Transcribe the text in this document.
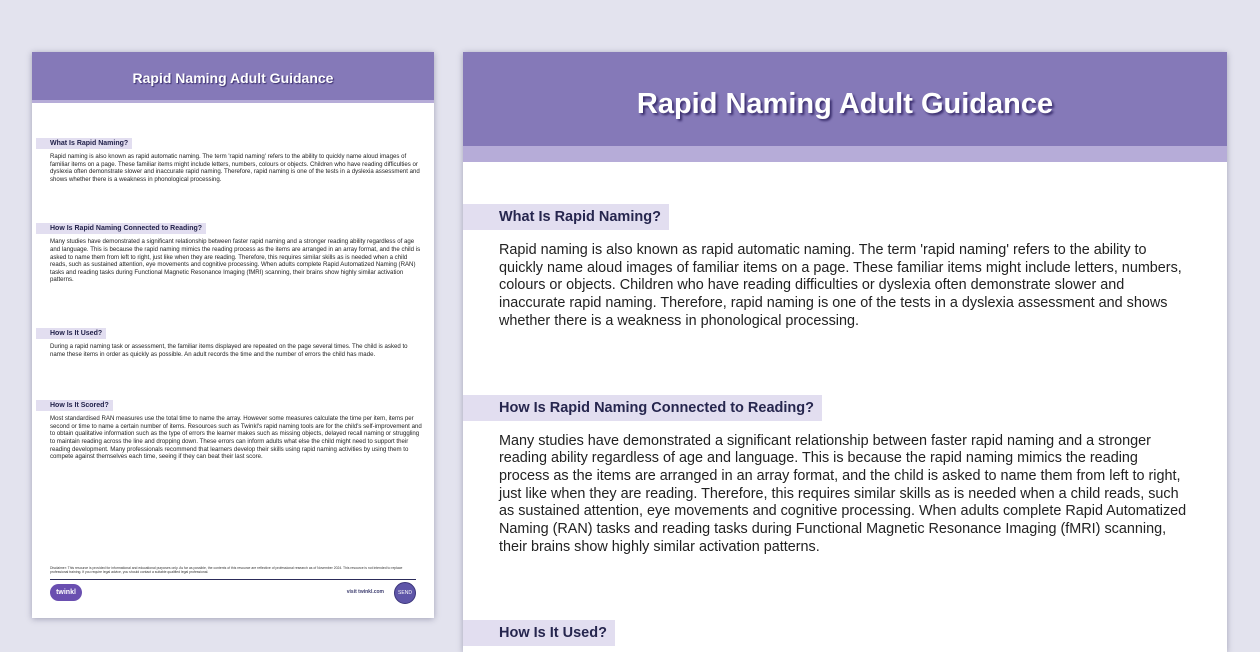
Rapid Naming Adult Guidance
What Is Rapid Naming?

Rapid naming is also known as rapid automatic naming. The term 'rapid naming' refers to the ability to quickly name aloud images of familiar items on a page. These familiar items might include letters, numbers, colours or objects. Children who have reading difficulties or dyslexia often demonstrate slower and inaccurate rapid naming. Therefore, rapid naming is one of the tests in a dyslexia assessment and shows whether there is a weakness in phonological processing.

How Is Rapid Naming Connected to Reading?

Many studies have demonstrated a significant relationship between faster rapid naming and a stronger reading ability regardless of age and language. This is because the rapid naming mimics the reading process as the items are arranged in an array format, and the child is asked to name them from left to right, just like when they are reading. Therefore, this requires similar skills as is needed when a child reads, such as sustained attention, eye movements and cognitive processing. When adults complete Rapid Automatized Naming (RAN) tasks and reading tasks during Functional Magnetic Resonance Imaging (fMRI) scanning, their brains show highly similar activation patterns.

How Is It Used?

During a rapid naming task or assessment, the familiar items displayed are repeated on the page several times. The child is asked to name these items in order as quickly as possible. An adult records the time and the number of errors the child has made.

How Is It Scored?

Most standardised RAN measures use the total time to name the array. However some measures calculate the time per item, items per second or time to name a certain number of items. Resources such as Twinkl's rapid naming tools are for the child's self-improvement and to obtain qualitative information such as the type of errors the learner makes such as missing objects, delayed recall naming or struggling to maintain reading across the line and dropping down. These errors can inform adults what else the child might need to support their reading development. Many professionals recommend that learners develop their skills using rapid naming activities by using them to compete against themselves each time, seeing if they can beat their last score.

Disclaimer: This resource is provided for informational and educational purposes only. As far as possible, the contents of this resource are reflective of professional research as of November 2024. This resource is not intended to replace professional training. If you require legal advice, you should contact a suitable qualified legal professional.
twinkl	visit twinkl.com	SEND
Rapid Naming Adult Guidance
What Is Rapid Naming?

Rapid naming is also known as rapid automatic naming. The term 'rapid naming' refers to the ability to quickly name aloud images of familiar items on a page. These familiar items might include letters, numbers, colours or objects. Children who have reading difficulties or dyslexia often demonstrate slower and inaccurate rapid naming. Therefore, rapid naming is one of the tests in a dyslexia assessment and shows whether there is a weakness in phonological processing.

How Is Rapid Naming Connected to Reading?

Many studies have demonstrated a significant relationship between faster rapid naming and a stronger reading ability regardless of age and language. This is because the rapid naming mimics the reading process as the items are arranged in an array format, and the child is asked to name them from left to right, just like when they are reading. Therefore, this requires similar skills as is needed when a child reads, such as sustained attention, eye movements and cognitive processing. When adults complete Rapid Automatized Naming (RAN) tasks and reading tasks during Functional Magnetic Resonance Imaging (fMRI) scanning, their brains show highly similar activation patterns.

How Is It Used?
